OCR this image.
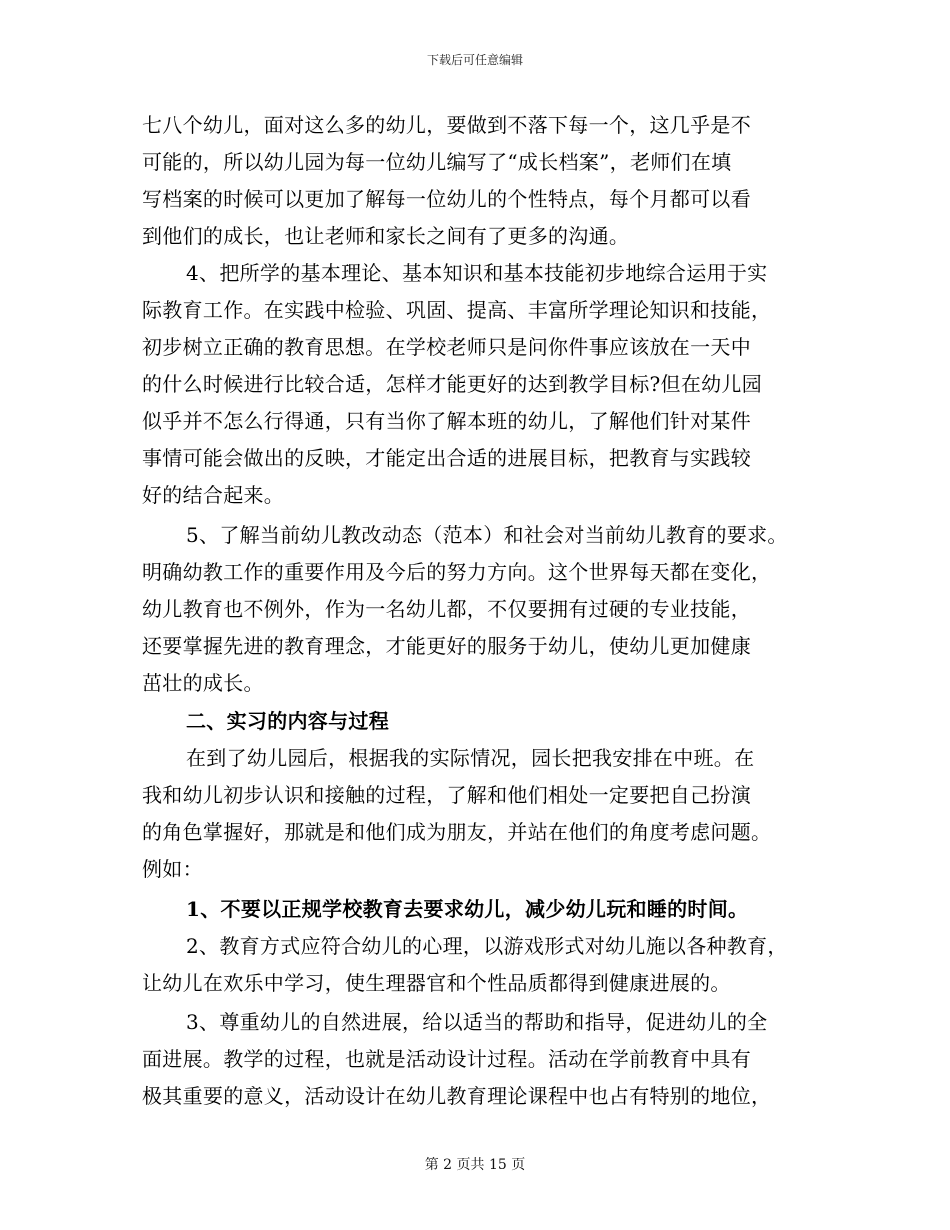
下载后可任意编辑
七八个幼儿，面对这么多的幼儿，要做到不落下每一个，这几乎是不
可能的，所以幼儿园为每一位幼儿编写了“成长档案”，老师们在填
写档案的时候可以更加了解每一位幼儿的个性特点，每个月都可以看
到他们的成长，也让老师和家长之间有了更多的沟通。
4、把所学的基本理论、基本知识和基本技能初步地综合运用于实
际教育工作。在实践中检验、巩固、提高、丰富所学理论知识和技能，
初步树立正确的教育思想。在学校老师只是问你件事应该放在一天中
的什么时候进行比较合适，怎样才能更好的达到教学目标?但在幼儿园
似乎并不怎么行得通，只有当你了解本班的幼儿，了解他们针对某件
事情可能会做出的反映，才能定出合适的进展目标，把教育与实践较
好的结合起来。
5、了解当前幼儿教改动态（范本）和社会对当前幼儿教育的要求。
明确幼教工作的重要作用及今后的努力方向。这个世界每天都在变化，
幼儿教育也不例外，作为一名幼儿都，不仅要拥有过硬的专业技能，
还要掌握先进的教育理念，才能更好的服务于幼儿，使幼儿更加健康
茁壮的成长。
二、实习的内容与过程
在到了幼儿园后，根据我的实际情况，园长把我安排在中班。在
我和幼儿初步认识和接触的过程，了解和他们相处一定要把自己扮演
的角色掌握好，那就是和他们成为朋友，并站在他们的角度考虑问题。
例如：
1、不要以正规学校教育去要求幼儿，减少幼儿玩和睡的时间。
2、教育方式应符合幼儿的心理，以游戏形式对幼儿施以各种教育，
让幼儿在欢乐中学习，使生理器官和个性品质都得到健康进展的。
3、尊重幼儿的自然进展，给以适当的帮助和指导，促进幼儿的全
面进展。教学的过程，也就是活动设计过程。活动在学前教育中具有
极其重要的意义，活动设计在幼儿教育理论课程中也占有特别的地位，
第 2 页共 15 页
